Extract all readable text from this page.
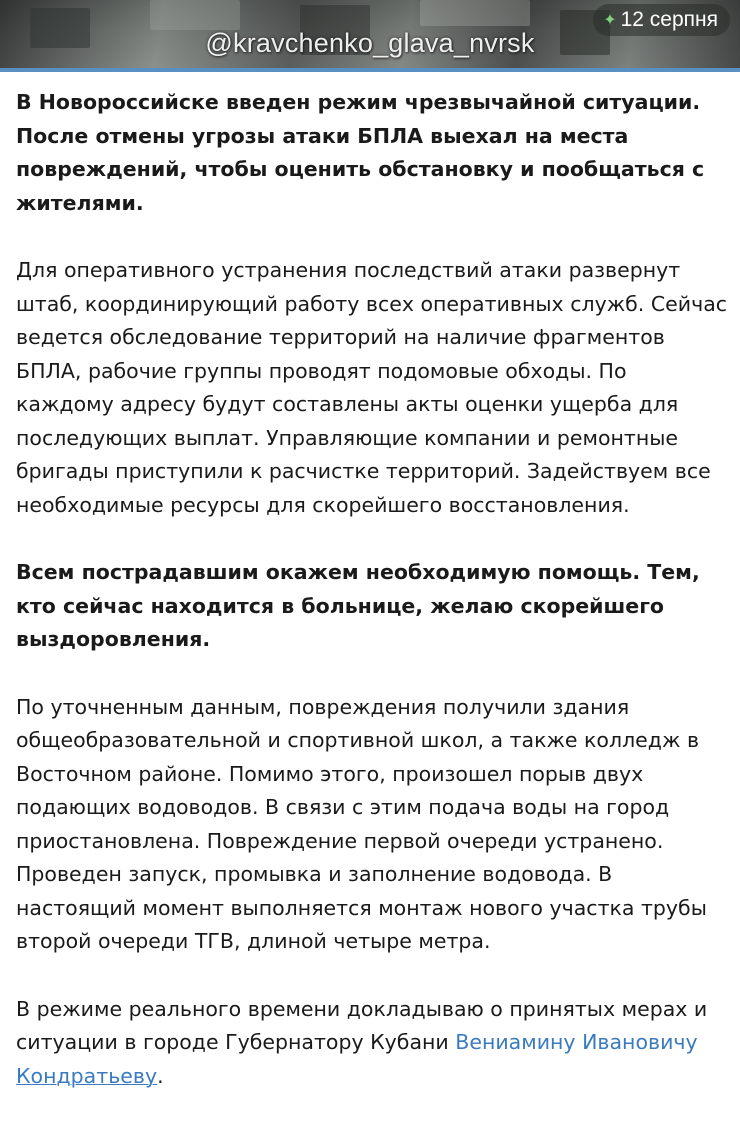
@kravchenko_glava_nvrsk
✦ 12 серпня

В Новороссийске введен режим чрезвычайной ситуации. После отмены угрозы атаки БПЛА выехал на места повреждений, чтобы оценить обстановку и пообщаться с жителями.

Для оперативного устранения последствий атаки развернут штаб, координирующий работу всех оперативных служб. Сейчас ведется обследование территорий на наличие фрагментов БПЛА, рабочие группы проводят подомовые обходы. По каждому адресу будут составлены акты оценки ущерба для последующих выплат. Управляющие компании и ремонтные бригады приступили к расчистке территорий. Задействуем все необходимые ресурсы для скорейшего восстановления.

Всем пострадавшим окажем необходимую помощь. Тем, кто сейчас находится в больнице, желаю скорейшего выздоровления.

По уточненным данным, повреждения получили здания общеобразовательной и спортивной школ, а также колледж в Восточном районе. Помимо этого, произошел порыв двух подающих водоводов. В связи с этим подача воды на город приостановлена. Повреждение первой очереди устранено. Проведен запуск, промывка и заполнение водовода. В настоящий момент выполняется монтаж нового участка трубы второй очереди ТГВ, длиной четыре метра.

В режиме реального времени докладываю о принятых мерах и ситуации в городе Губернатору Кубани Вениамину Ивановичу Кондратьеву.
